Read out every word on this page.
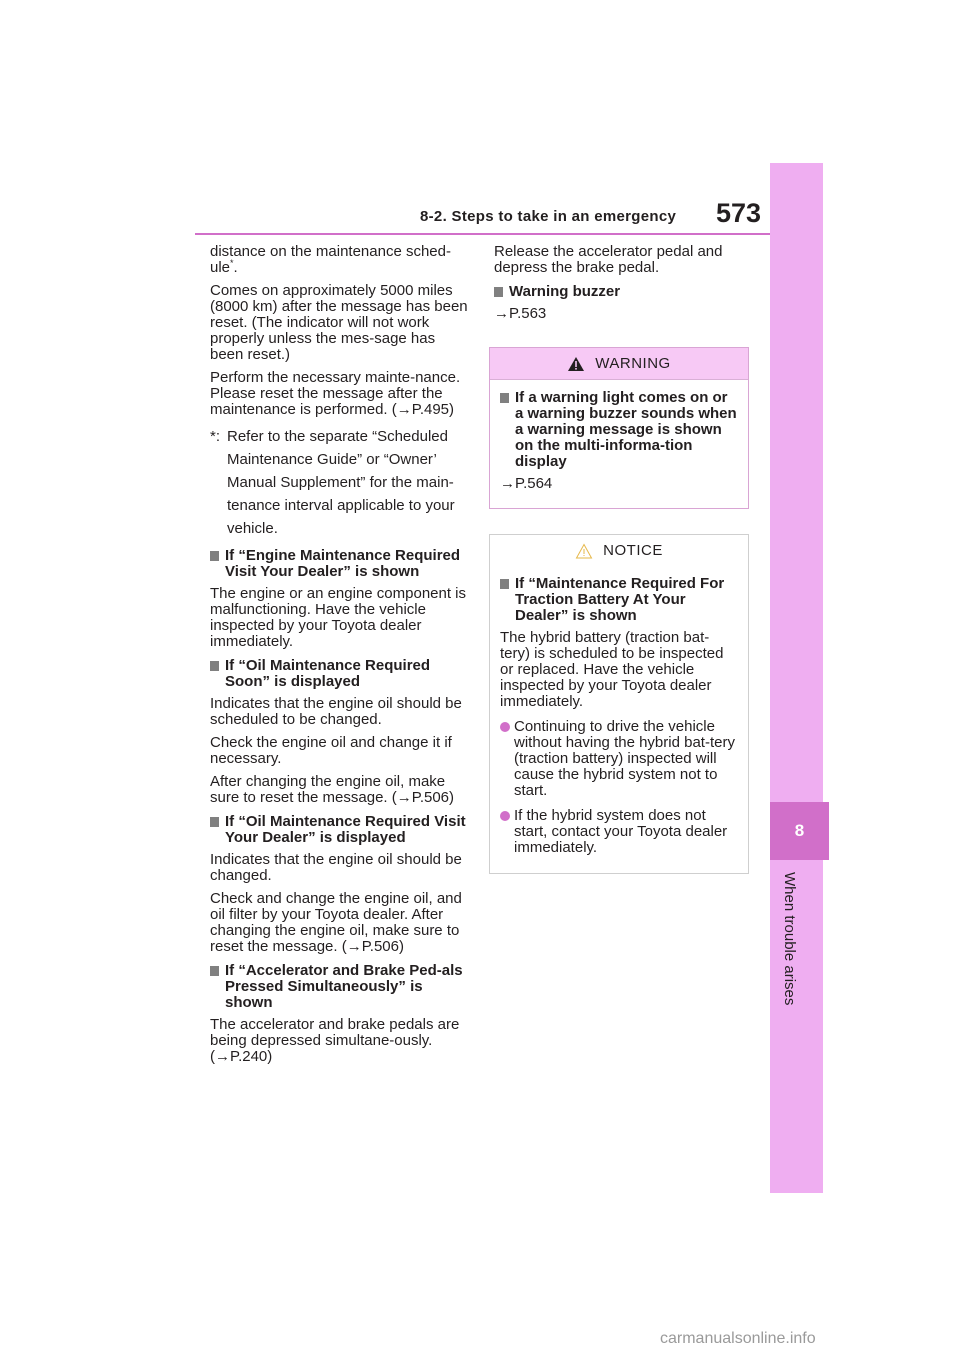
8
When trouble arises
8-2. Steps to take in an emergency 573

distance on the maintenance sched-ule*.

Comes on approximately 5000 miles (8000 km) after the message has been reset. (The indicator will not work properly unless the mes-sage has been reset.)

Perform the necessary mainte-nance. Please reset the message after the maintenance is performed. (→P.495)

*: Refer to the separate “Scheduled Maintenance Guide” or “Owner’ Manual Supplement” for the main-tenance interval applicable to your vehicle.
If “Engine Maintenance Required Visit Your Dealer” is shown

The engine or an engine component is malfunctioning. Have the vehicle inspected by your Toyota dealer immediately.

If “Oil Maintenance Required Soon” is displayed

Indicates that the engine oil should be scheduled to be changed.

Check the engine oil and change it if necessary.

After changing the engine oil, make sure to reset the message. (→P.506)

If “Oil Maintenance Required Visit Your Dealer” is displayed

Indicates that the engine oil should be changed.

Check and change the engine oil, and oil filter by your Toyota dealer. After changing the engine oil, make sure to reset the message. (→P.506)

If “Accelerator and Brake Ped-als Pressed Simultaneously” is shown

The accelerator and brake pedals are being depressed simultane-ously. (→P.240)

Release the accelerator pedal and depress the brake pedal.

Warning buzzer

→P.563

WARNING
If a warning light comes on or a warning buzzer sounds when a warning message is shown on the multi-informa-tion display

→P.564

NOTICE
If “Maintenance Required For Traction Battery At Your Dealer” is shown

The hybrid battery (traction bat-tery) is scheduled to be inspected or replaced. Have the vehicle inspected by your Toyota dealer immediately.

Continuing to drive the vehicle without having the hybrid bat-tery (traction battery) inspected will cause the hybrid system not to start.
If the hybrid system does not start, contact your Toyota dealer immediately.
carmanualsonline.info
